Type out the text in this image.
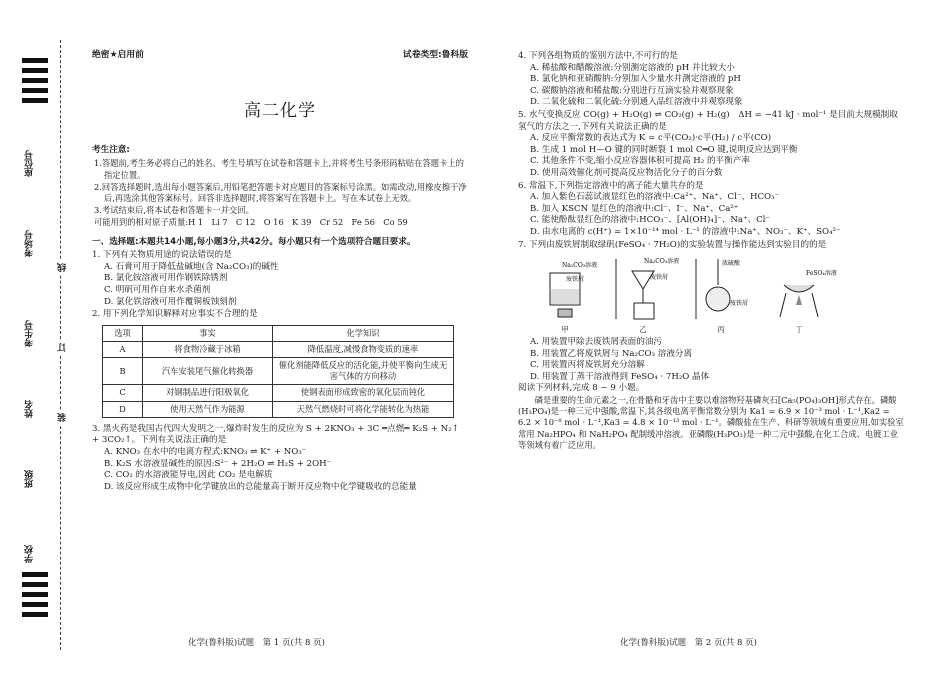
座位号
考场号
考生号
姓名
班级
学校
线
订
装
绝密★启用前	试卷类型:鲁科版
高二化学
考生注意:
1.答题前,考生务必将自己的姓名、考生号填写在试卷和答题卡上,并将考生号条形码粘贴在答题卡上的指定位置。
2.回答选择题时,选出每小题答案后,用铅笔把答题卡对应题目的答案标号涂黑。如需改动,用橡皮擦干净后,再选涂其他答案标号。回答非选择题时,将答案写在答题卡上。写在本试卷上无效。
3.考试结束后,将本试卷和答题卡一并交回。
可能用到的相对原子质量:H 1　Li 7　C 12　O 16　K 39　Cr 52　Fe 56　Co 59
一、选择题:本题共14小题,每小题3分,共42分。每小题只有一个选项符合题目要求。
1. 下列有关物质用途的说法错误的是
A. 石膏可用于降低盐碱地(含 Na₂CO₃)的碱性
B. 氯化铵溶液可用作钢铁除锈剂
C. 明矾可用作自来水杀菌剂
D. 氯化铁溶液可用作覆铜板蚀刻剂
2. 用下列化学知识解释对应事实不合理的是
选项	事实	化学知识
A	将食物冷藏于冰箱	降低温度,减慢食物变质的速率
B	汽车安装尾气催化转换器	催化剂能降低反应的活化能,并使平衡向生成无害气体的方向移动
C	对钢制品进行阳极氧化	使钢表面形成致密的氧化层而钝化
D	使用天然气作为能源	天然气燃烧时可将化学能转化为热能
3. 黑火药是我国古代四大发明之一,爆炸时发生的反应为 S + 2KNO₃ + 3C ═点燃═ K₂S + N₂↑ + 3CO₂↑。下列有关说法正确的是
A. KNO₃ 在水中的电离方程式:KNO₃ ⇌ K⁺ + NO₃⁻
B. K₂S 水溶液显碱性的原因:S²⁻ + 2H₂O ⇌ H₂S + 2OH⁻
C. CO₂ 的水溶液能导电,因此 CO₂ 是电解质
D. 该反应形成生成物中化学键放出的总能量高于断开反应物中化学键吸收的总能量
化学(鲁科版)试题　第 1 页(共 8 页)
4. 下列各组物质的鉴别方法中,不可行的是
A. 稀盐酸和醋酸溶液:分别测定溶液的 pH 并比较大小
B. 氯化钠和亚硝酸钠:分别加入少量水并测定溶液的 pH
C. 碳酸钠溶液和稀盐酸:分别进行互滴实验并观察现象
D. 二氧化硫和二氧化硫:分别通入品红溶液中并观察现象
5. 水气变换反应 CO(g) + H₂O(g) ⇌ CO₂(g) + H₂(g)　ΔH = −41 kJ · mol⁻¹ 是目前大规模制取氢气的方法之一,下列有关说法正确的是
A. 反应平衡常数的表达式为 K = c平(CO₂)·c平(H₂) / c平(CO)
B. 生成 1 mol H—O 键的同时断裂 1 mol C═O 键,说明反应达到平衡
C. 其他条件不变,缩小反应容器体积可提高 H₂ 的平衡产率
D. 使用高效催化剂可提高反应物活化分子的百分数
6. 常温下,下列指定溶液中的离子能大量共存的是
A. 加入紫色石蕊试液显红色的溶液中:Ca²⁺、Na⁺、Cl⁻、HCO₃⁻
B. 加入 KSCN 显红色的溶液中:Cl⁻、I⁻、Na⁺、Ca²⁺
C. 能使酚酞显红色的溶液中:HCO₃⁻、[Al(OH)₄]⁻、Na⁺、Cl⁻
D. 由水电离的 c(H⁺) = 1×10⁻¹⁴ mol · L⁻¹ 的溶液中:Na⁺、NO₃⁻、K⁺、SO₄²⁻
7. 下列由废铁屑制取绿矾(FeSO₄ · 7H₂O)的实验装置与操作能达到实验目的的是
Na₂CO₃溶液
废铁屑
甲
Na₂CO₃溶液
废铁屑
乙
浓硫酸
废铁屑
丙
FeSO₄溶液
丁
A. 用装置甲除去废铁屑表面的油污
B. 用装置乙将废铁屑与 Na₂CO₃ 溶液分离
C. 用装置丙将废铁屑充分溶解
D. 用装置丁蒸干溶液得到 FeSO₄ · 7H₂O 晶体
阅读下列材料,完成 8 ~ 9 小题。
磷是重要的生命元素之一,在骨骼和牙齿中主要以难溶物羟基磷灰石[Ca₅(PO₄)₃OH]形式存在。磷酸(H₃PO₄)是一种三元中强酸,常温下,其各级电离平衡常数分别为 Ka1 = 6.9 × 10⁻³ mol · L⁻¹,Ka2 = 6.2 × 10⁻⁸ mol · L⁻¹,Ka3 = 4.8 × 10⁻¹³ mol · L⁻¹。磷酸盐在生产、科研等领域有重要应用,如实验室常用 Na₂HPO₄ 和 NaH₂PO₄ 配制缓冲溶液。亚磷酸(H₃PO₃)是一种二元中强酸,在化工合成、电镀工业等领域有着广泛应用。
化学(鲁科版)试题　第 2 页(共 8 页)
